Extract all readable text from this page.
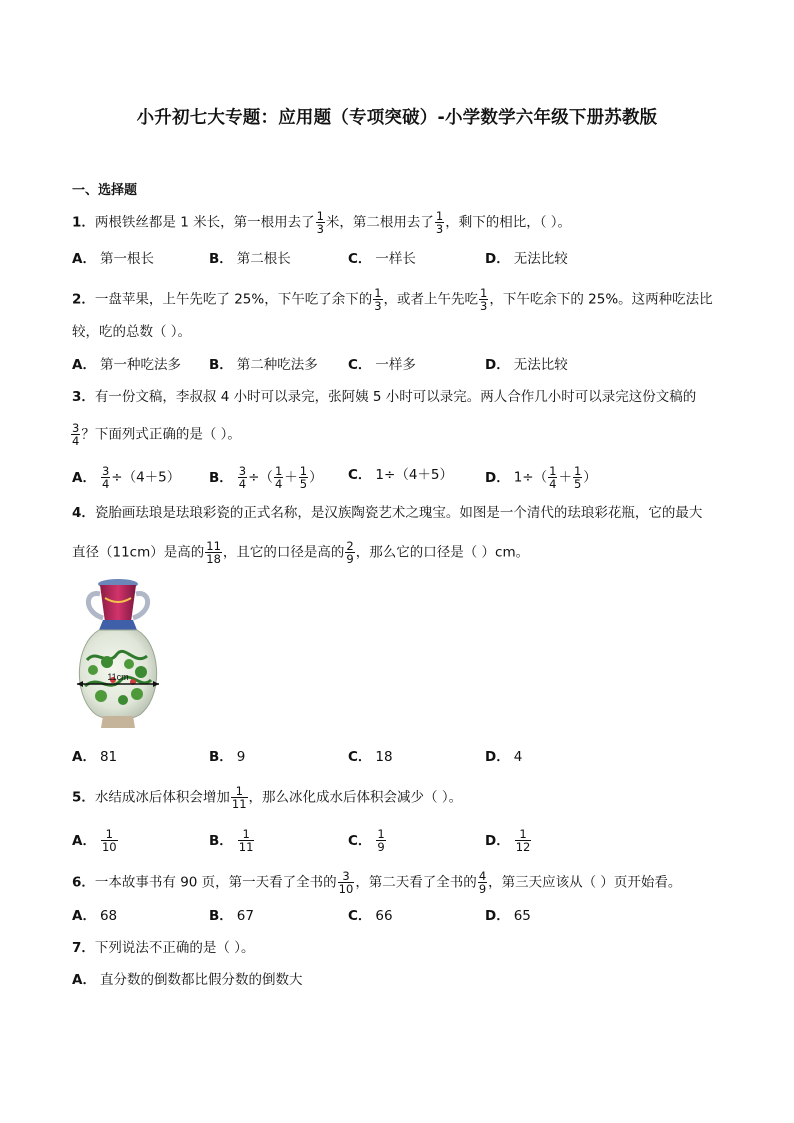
小升初七大专题：应用题（专项突破）-小学数学六年级下册苏教版
一、选择题
1．两根铁丝都是 1 米长，第一根用去了 $\frac{1}{3}$ 米，第二根用去了 $\frac{1}{3}$ ，剩下的相比，（ ）。
A． 第一根长	B． 第二根长	C． 一样长	D． 无法比较
2．一盘苹果，上午先吃了 25%，下午吃了余下的 $\frac{1}{3}$ ，或者上午先吃 $\frac{1}{3}$ ，下午吃余下的 25%。这两种吃法比
较，吃的总数（ ）。
A． 第一种吃法多 B． 第二种吃法多 C． 一样多	D． 无法比较
3．有一份文稿，李叔叔 4 小时可以录完，张阿姨 5 小时可以录完。两人合作几小时可以录完这份文稿的
$\frac{3}{4}$ ？下面列式正确的是（ ）。
A． $\frac{3}{4} \div(4+5)$ B． $\frac{3}{4}$ ÷（ $\frac{1}{4} + \frac{1}{5}$ ） C． 1÷（4＋5） D． $1\div( \frac{1}{4} + \frac{1}{5}$ ）
4．瓷胎画珐琅是珐琅彩瓷的正式名称，是汉族陶瓷艺术之瑰宝。如图是一个清代的珐琅彩花瓶，它的最大
直径（11cm）是高的 $\frac{11}{18}$ ，且它的口径是高的 $\frac{2}{9}$ ，那么它的口径是（ ）cm。
11cm
A． 81	B． 9	C． 18	D． 4
5．水结成冰后体积会增加 $\frac{1}{11}$ ，那么冰化成水后体积会减少（ ）。
A． $\frac{1}{10}$	B． $\frac{1}{11}$	C． $\frac{1}{9}$	D． $\frac{1}{12}$
6．一本故事书有 90 页，第一天看了全书的 $\frac{3}{10}$ ，第二天看了全书的 $\frac{4}{9}$ ，第三天应该从（ ）页开始看。
A． 68	B． 67	C． 66	D． 65
7．下列说法不正确的是（ ）。
A． 直分数的倒数都比假分数的倒数大
